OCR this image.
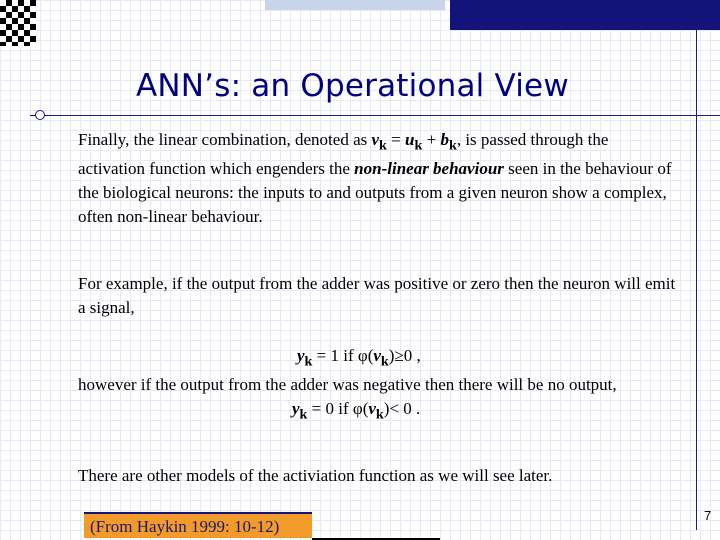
ANN’s: an Operational View

Finally, the linear combination, denoted as $v_k = u_k + b_k$, is passed through the activation function which engenders the non-linear behaviour seen in the behaviour of the biological neurons: the inputs to and outputs from a given neuron show a complex, often non-linear behaviour.

For example, if the output from the adder was positive or zero then the neuron will emit a signal,

$y_k = 1$ if $\varphi(v_k)\ge 0$ ,
however if the output from the adder was negative then there will be no output,
$y_k = 0$ if $\varphi(v_k)< 0$ .

There are other models of the activiation function as we will see later.

(From Haykin 1999: 10-12)
7
